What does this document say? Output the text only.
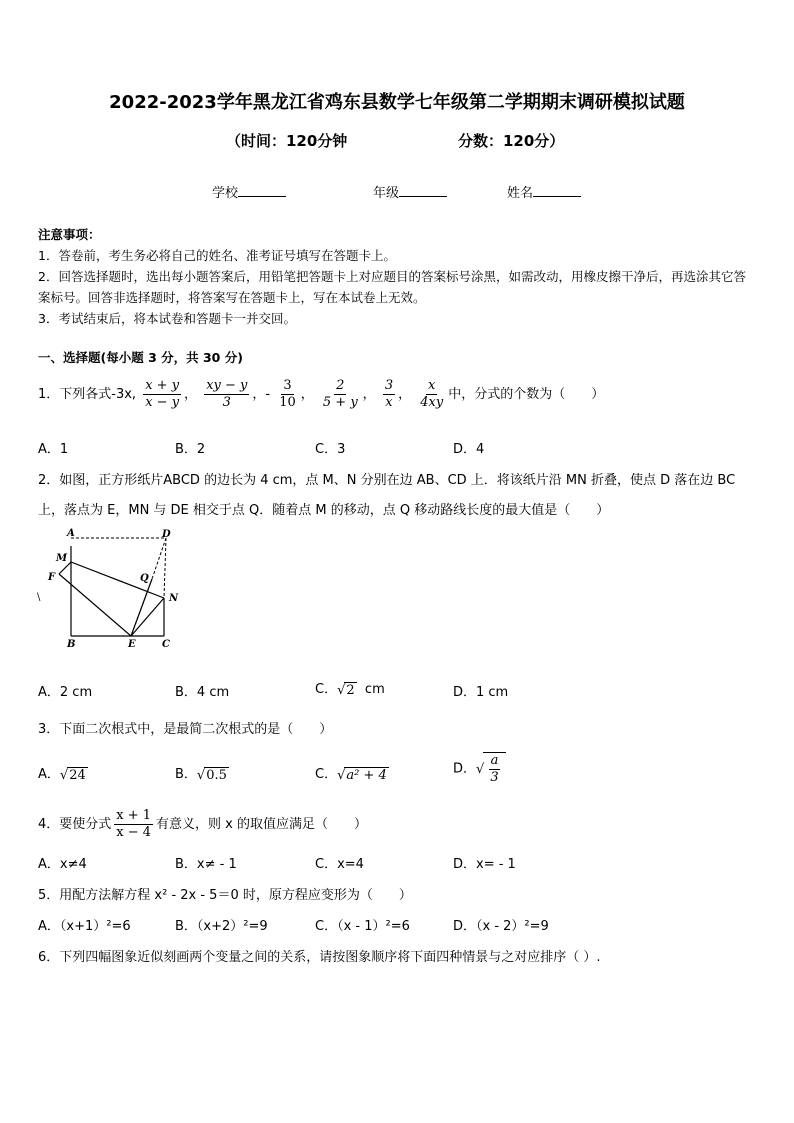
2022-2023学年黑龙江省鸡东县数学七年级第二学期期末调研模拟试题
（时间：120分钟	分数：120分）
学校	年级	姓名
注意事项：
1．答卷前，考生务必将自己的姓名、准考证号填写在答题卡上。
2．回答选择题时，选出每小题答案后，用铅笔把答题卡上对应题目的答案标号涂黑，如需改动，用橡皮擦干净后，再选涂其它答案标号。回答非选择题时，将答案写在答题卡上，写在本试卷上无效。
3．考试结束后，将本试卷和答题卡一并交回。
一、选择题(每小题 3 分，共 30 分)
1．下列各式-3x, $\frac{x + y}{x - y}$ ， $\frac{xy - y}{3}$ ，- $\frac{3}{10}$ ， $\frac{2}{5 + y}$ ， $\frac{3}{x}$ ， $\frac{x}{4xy}$ 中，分式的个数为（　　）
A．1	B．2	C．3	D．4
2．如图，正方形纸片ABCD 的边长为 4 cm，点 M、N 分别在边 AB、CD 上．将该纸片沿 MN 折叠，使点 D 落在边 BC
上，落点为 E，MN 与 DE 相交于点 Q．随着点 M 的移动，点 Q 移动路线长度的最大值是（　　）
A	D
M
F	Q
N
B	E	C
\
A．2 cm	B．4 cm	C．√2 cm	D．1 cm
3．下面二次根式中，是最简二次根式的是（　　）
A．√24	B．√0.5	C．√a² + 4	D．√ $\frac{a}{3}$
4．要使分式 $\frac{x + 1}{x - 4}$ 有意义，则 x 的取值应满足（　　）
A．x≠4	B．x≠ - 1	C．x=4	D．x= - 1
5．用配方法解方程 x² - 2x - 5＝0 时，原方程应变形为（　　）
A．（x+1）²=6	B．（x+2）²=9	C．（x - 1）²=6	D．（x - 2）²=9
6．下列四幅图象近似刻画两个变量之间的关系，请按图象顺序将下面四种情景与之对应排序（ ）.
